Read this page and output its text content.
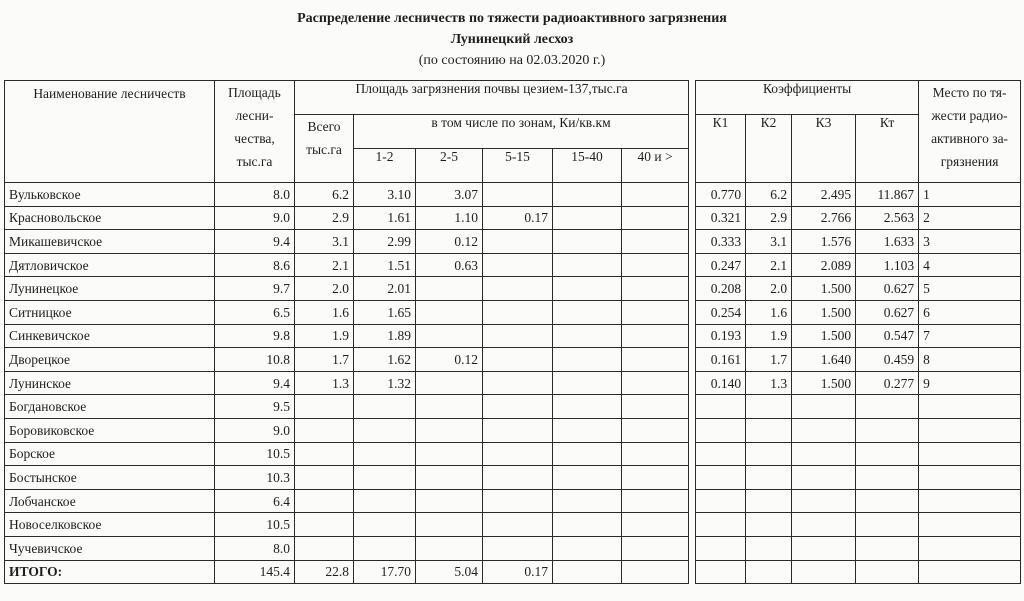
Распределение лесничеств по тяжести радиоактивного загрязнения
Лунинецкий лесхоз
(по состоянию на 02.03.2020 г.)
Наименование лесничеств	Площадь лесни-чества, тыс.га	Площадь загрязнения почвы цезием-137,тыс.га							Коэффициенты				Место по тя-жести радио-активного за-грязнения
		Всего тыс.га	в том числе по зонам, Ки/кв.км						К1	К2	К3	Кт	
			1-2	2-5	5-15	15-40	40 и >						
Вульковское	8.0	6.2	3.10	3.07					0.770	6.2	2.495	11.867	1
Красновольское	9.0	2.9	1.61	1.10	0.17				0.321	2.9	2.766	2.563	2
Микашевичское	9.4	3.1	2.99	0.12					0.333	3.1	1.576	1.633	3
Дятловичское	8.6	2.1	1.51	0.63					0.247	2.1	2.089	1.103	4
Лунинецкое	9.7	2.0	2.01						0.208	2.0	1.500	0.627	5
Ситницкое	6.5	1.6	1.65						0.254	1.6	1.500	0.627	6
Синкевичское	9.8	1.9	1.89						0.193	1.9	1.500	0.547	7
Дворецкое	10.8	1.7	1.62	0.12					0.161	1.7	1.640	0.459	8
Лунинское	9.4	1.3	1.32						0.140	1.3	1.500	0.277	9
Богдановское	9.5												
Боровиковское	9.0												
Борское	10.5												
Бостынское	10.3												
Лобчанское	6.4												
Новоселковское	10.5												
Чучевичское	8.0												
ИТОГО:	145.4	22.8	17.70	5.04	0.17								
